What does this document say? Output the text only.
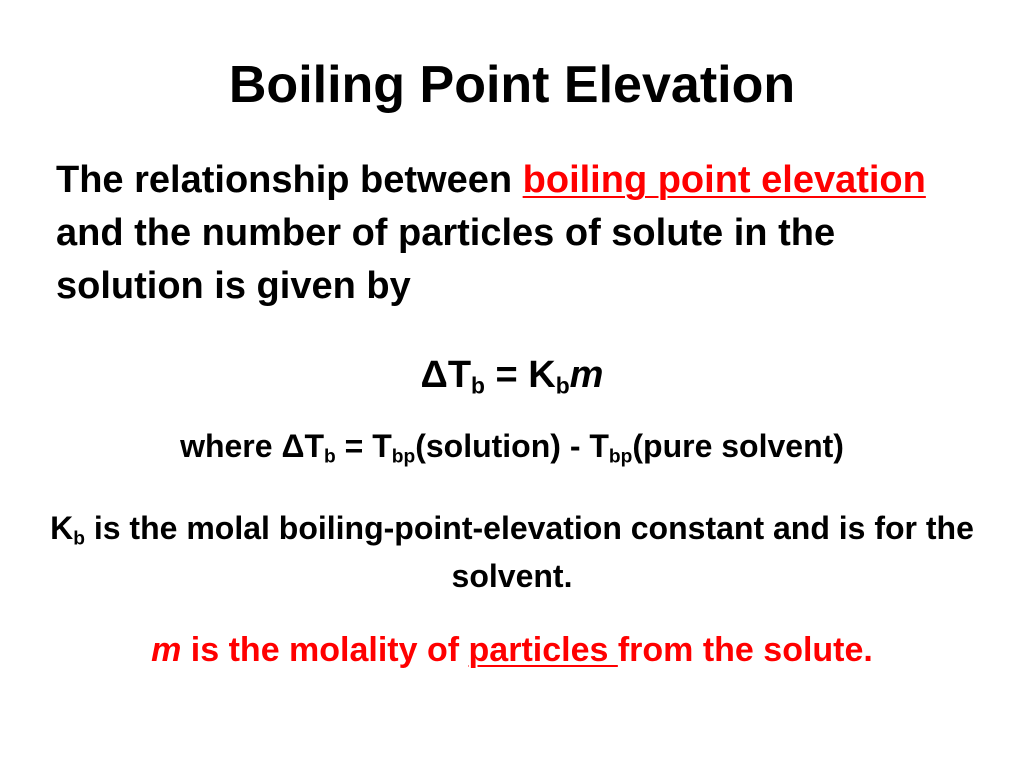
Boiling Point Elevation
The relationship between boiling point elevation and the number of particles of solute in the solution is given by
$\Delta T_b = K_bm$
where $\Delta T_b$ = $T_{bp}(solution)$ - $T_{bp}(pure$ solvent)
$K_b$ is the molal boiling-point-elevation constant and is for the solvent.
m is the molality of particles from the solute.
